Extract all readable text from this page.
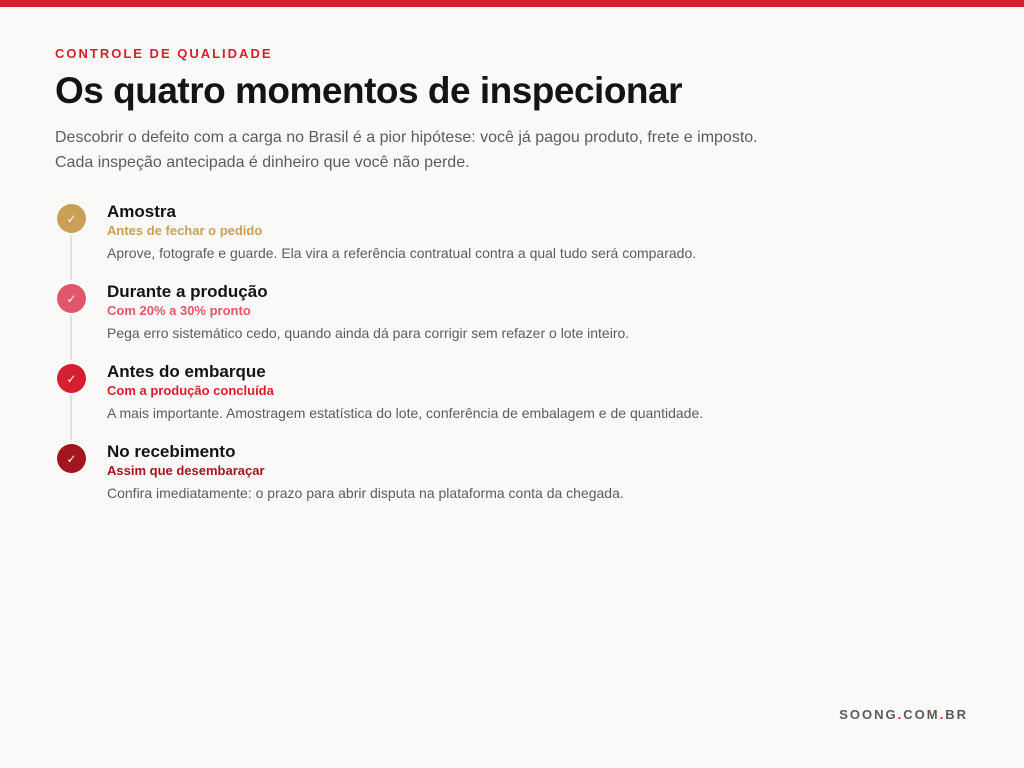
CONTROLE DE QUALIDADE
Os quatro momentos de inspecionar

Descobrir o defeito com a carga no Brasil é a pior hipótese: você já pagou produto, frete e imposto.
Cada inspeção antecipada é dinheiro que você não perde.

✓	Amostra
Antes de fechar o pedido
Aprove, fotografe e guarde. Ela vira a referência contratual contra a qual tudo será comparado.
✓	Durante a produção
Com 20% a 30% pronto
Pega erro sistemático cedo, quando ainda dá para corrigir sem refazer o lote inteiro.
✓	Antes do embarque
Com a produção concluída
A mais importante. Amostragem estatística do lote, conferência de embalagem e de quantidade.
✓	No recebimento
Assim que desembaraçar
Confira imediatamente: o prazo para abrir disputa na plataforma conta da chegada.
SOONG.COM.BR
